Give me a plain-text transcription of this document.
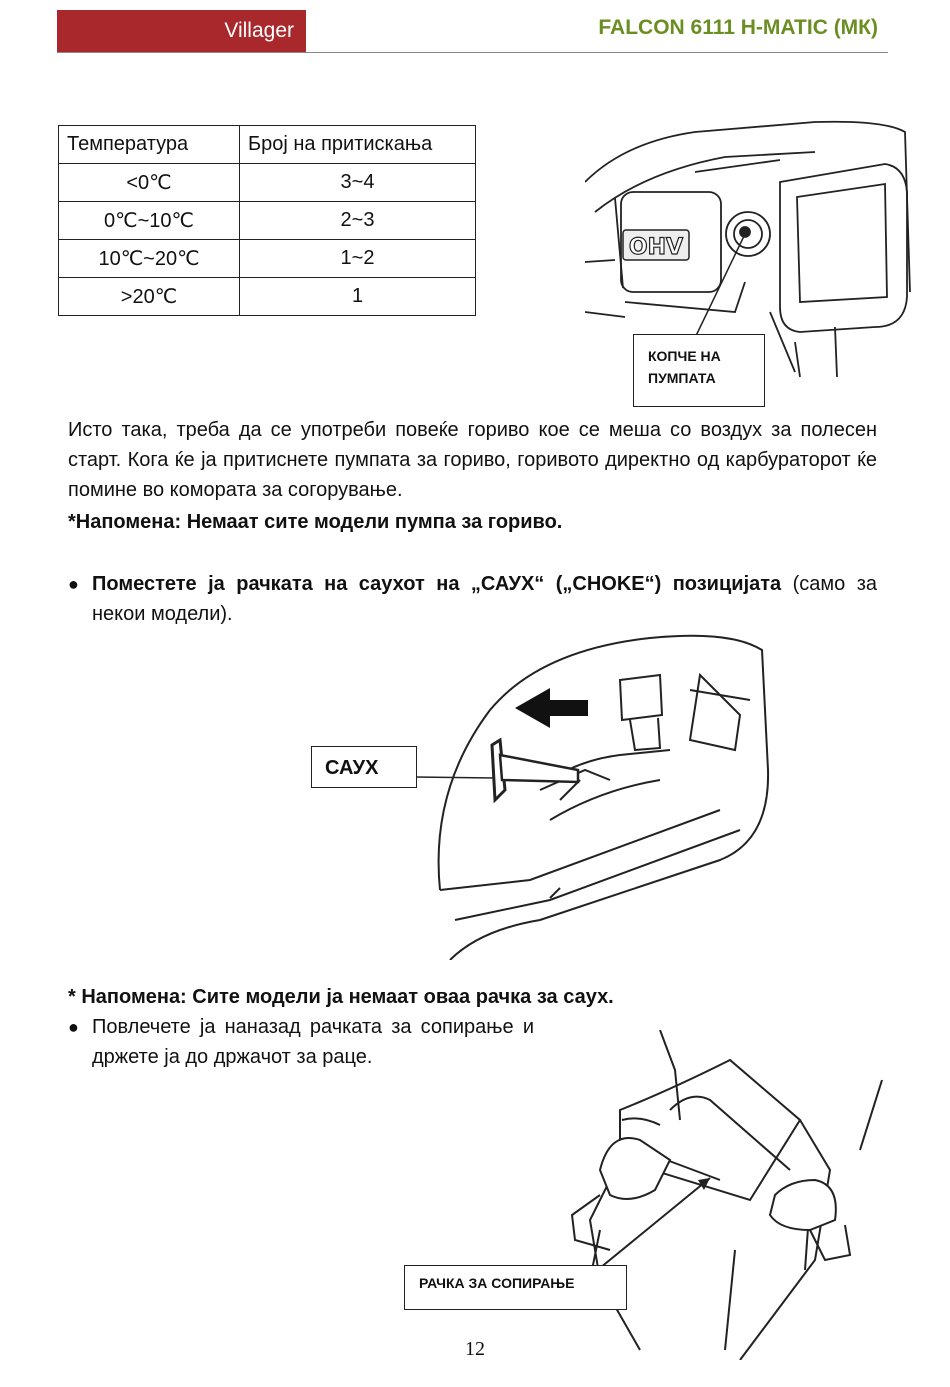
Villager	FALCON 6111 H-MATIC (МК)
Температура	Број на притискања
<0℃	3~4
0℃~10℃	2~3
10℃~20℃	1~2
>20℃	1
OHV
КОПЧЕ НА
ПУМПАТА
Исто така, треба да се употреби повеќе гориво кое се меша со воздух за полесен старт. Кога ќе ја притиснете пумпата за гориво, горивото директно од карбураторот ќе помине во комората за согорување.
*Напомена: Немаат сите модели пумпа за гориво.
● Поместете ја рачката на саухот на „САУХ“ („CHOKE“) позицијата (само за некои модели).
САУХ
* Напомена: Сите модели ја немаат оваа рачка за саух.
● Повлечете ја наназад рачката за сопирање и држете ја до држачот за раце.
РАЧКА ЗА СОПИРАЊЕ
12
